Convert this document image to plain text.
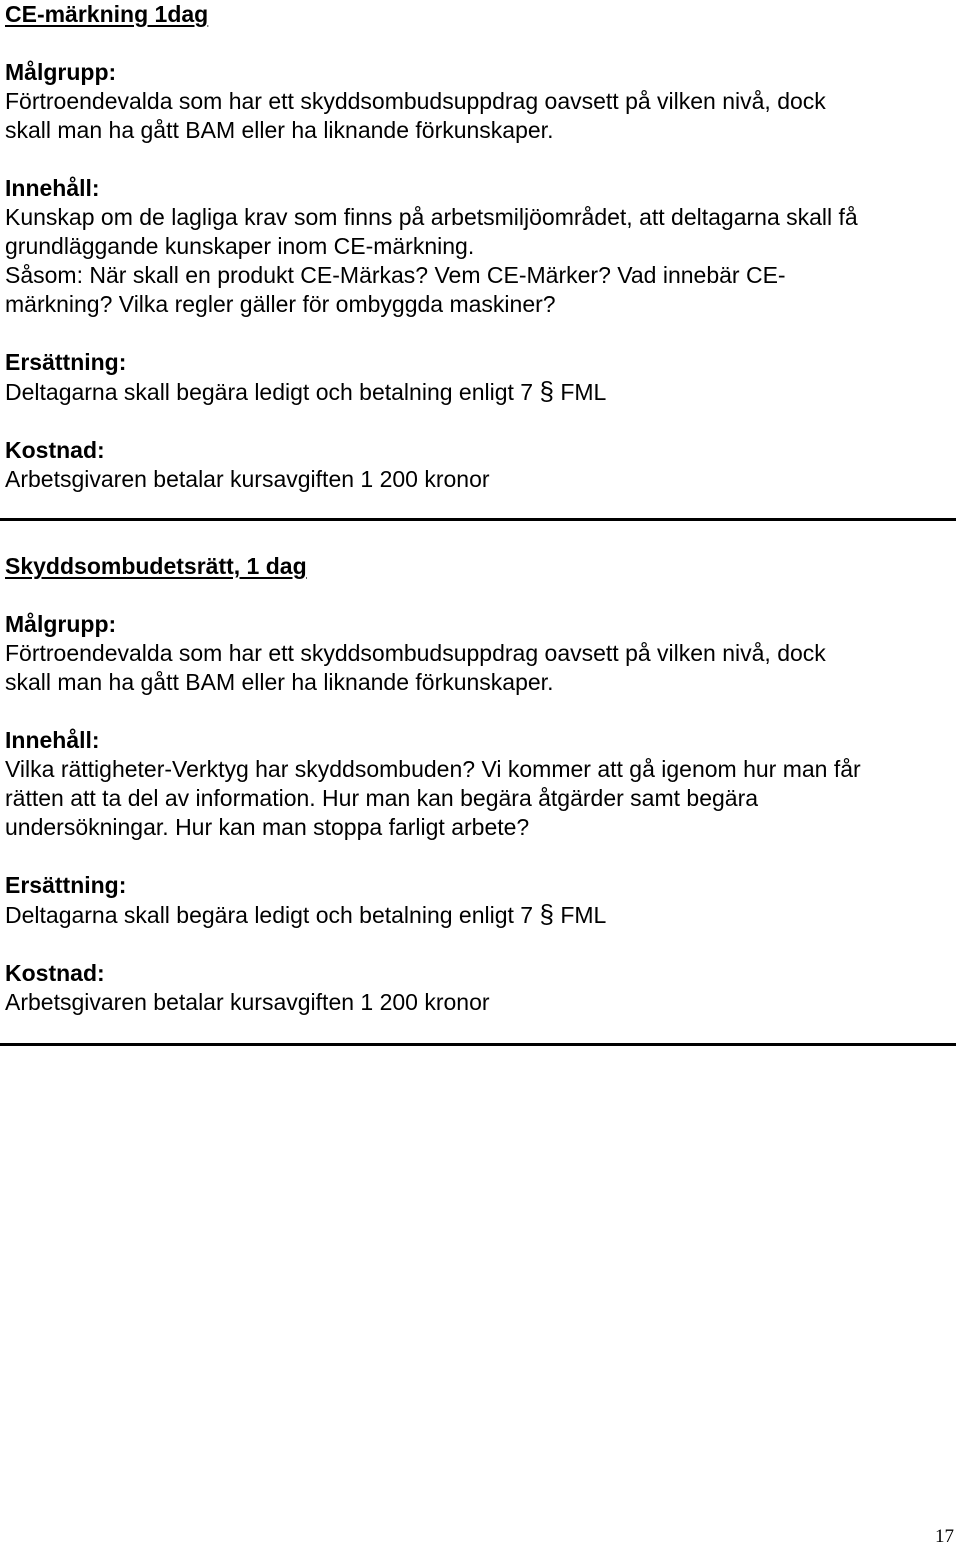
CE-märkning 1dag

Målgrupp:

Förtroendevalda som har ett skyddsombudsuppdrag oavsett på vilken nivå, dock

skall man ha gått BAM eller ha liknande förkunskaper.

Innehåll:

Kunskap om de lagliga krav som finns på arbetsmiljöområdet, att deltagarna skall få

grundläggande kunskaper inom CE-märkning.

Såsom: När skall en produkt CE-Märkas? Vem CE-Märker? Vad innebär CE-

märkning? Vilka regler gäller för ombyggda maskiner?

Ersättning:

Deltagarna skall begära ledigt och betalning enligt 7 § FML

Kostnad:

Arbetsgivaren betalar kursavgiften 1 200 kronor

Skyddsombudetsrätt, 1 dag

Målgrupp:

Förtroendevalda som har ett skyddsombudsuppdrag oavsett på vilken nivå, dock

skall man ha gått BAM eller ha liknande förkunskaper.

Innehåll:

Vilka rättigheter-Verktyg har skyddsombuden? Vi kommer att gå igenom hur man får

rätten att ta del av information. Hur man kan begära åtgärder samt begära

undersökningar. Hur kan man stoppa farligt arbete?

Ersättning:

Deltagarna skall begära ledigt och betalning enligt 7 § FML

Kostnad:

Arbetsgivaren betalar kursavgiften 1 200 kronor

17
